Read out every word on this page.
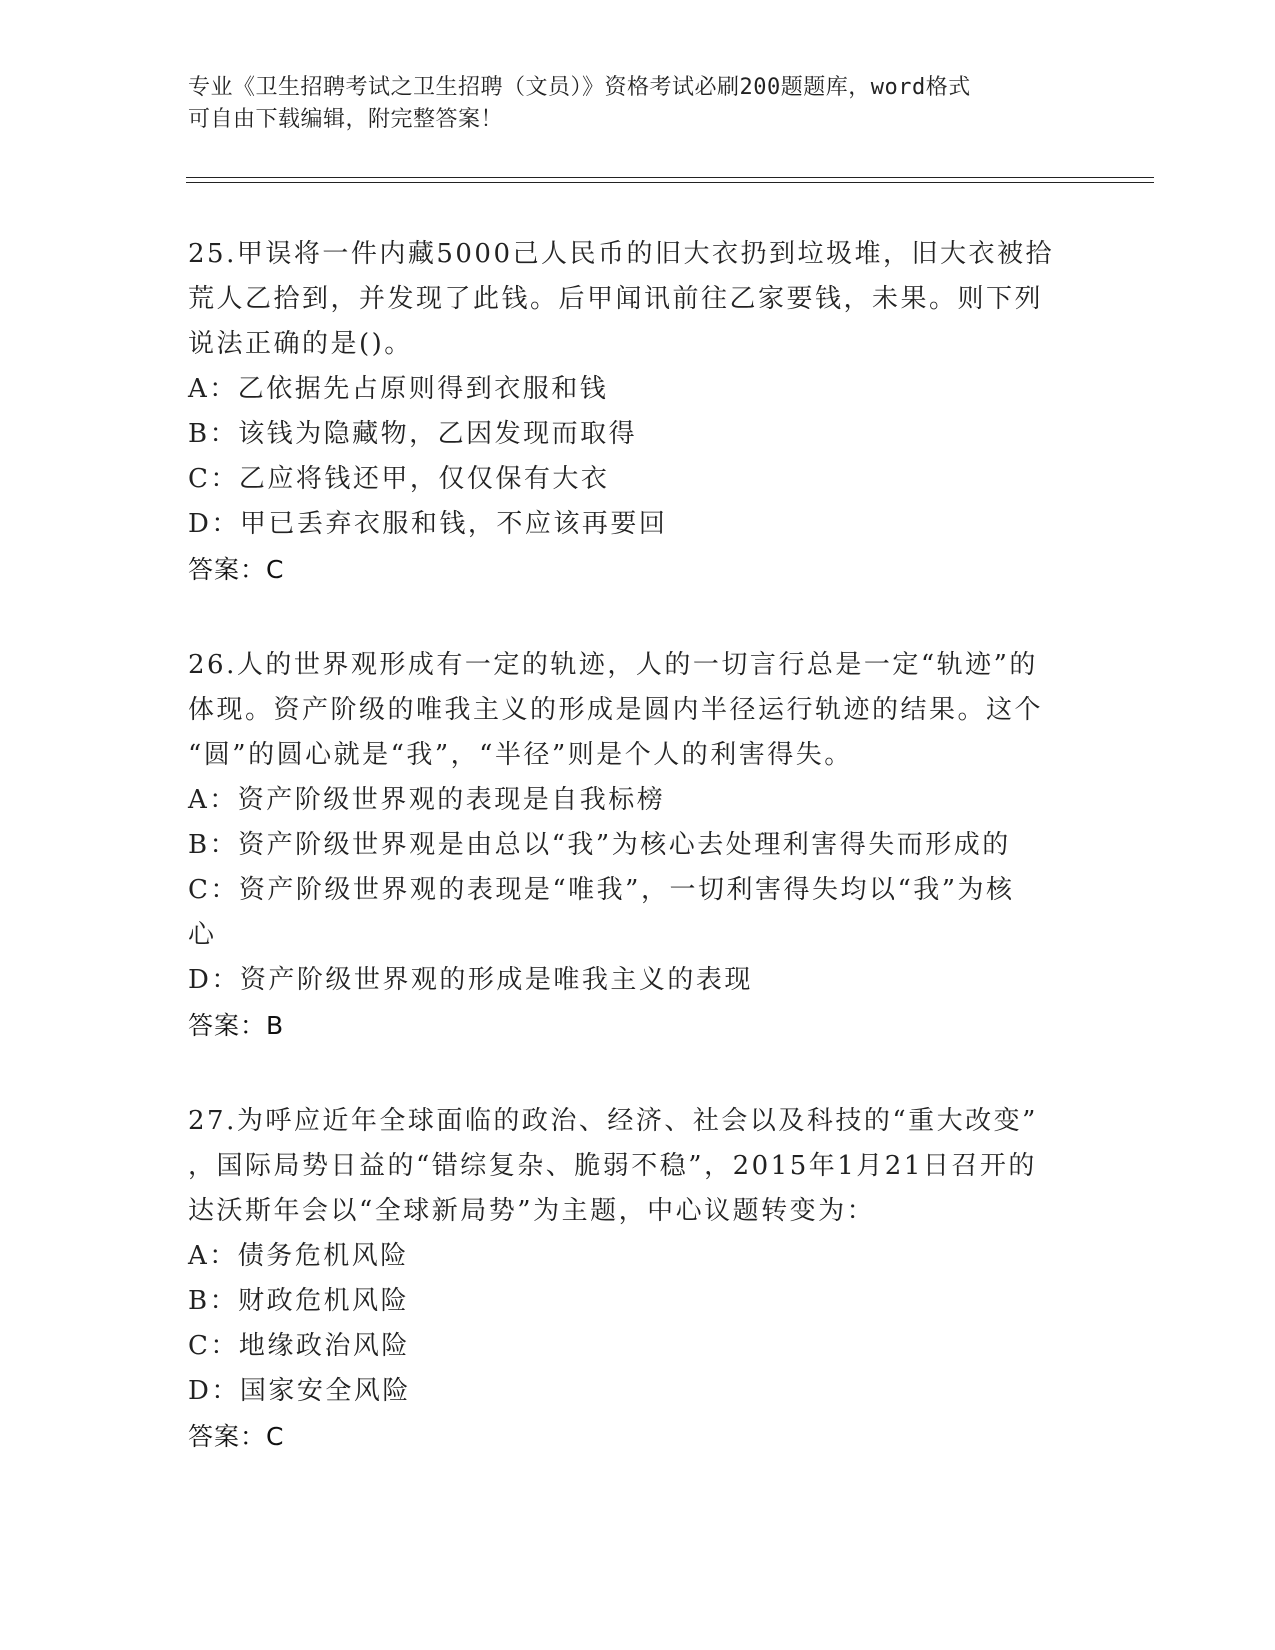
专业《卫生招聘考试之卫生招聘（文员）》资格考试必刷200题题库，word格式
可自由下载编辑，附完整答案！
25.甲误将一件内藏5000己人民币的旧大衣扔到垃圾堆，旧大衣被拾
荒人乙拾到，并发现了此钱。后甲闻讯前往乙家要钱，未果。则下列
说法正确的是()。
A：乙依据先占原则得到衣服和钱
B：该钱为隐藏物，乙因发现而取得
C：乙应将钱还甲，仅仅保有大衣
D：甲已丢弃衣服和钱，不应该再要回
答案：C
26.人的世界观形成有一定的轨迹，人的一切言行总是一定“轨迹”的
体现。资产阶级的唯我主义的形成是圆内半径运行轨迹的结果。这个
“圆”的圆心就是“我”，“半径”则是个人的利害得失。
A：资产阶级世界观的表现是自我标榜
B：资产阶级世界观是由总以“我”为核心去处理利害得失而形成的
C：资产阶级世界观的表现是“唯我”，一切利害得失均以“我”为核
心
D：资产阶级世界观的形成是唯我主义的表现
答案：B
27.为呼应近年全球面临的政治、经济、社会以及科技的“重大改变”
，国际局势日益的“错综复杂、脆弱不稳”，2015年1月21日召开的
达沃斯年会以“全球新局势”为主题，中心议题转变为：
A：债务危机风险
B：财政危机风险
C：地缘政治风险
D：国家安全风险
答案：C
